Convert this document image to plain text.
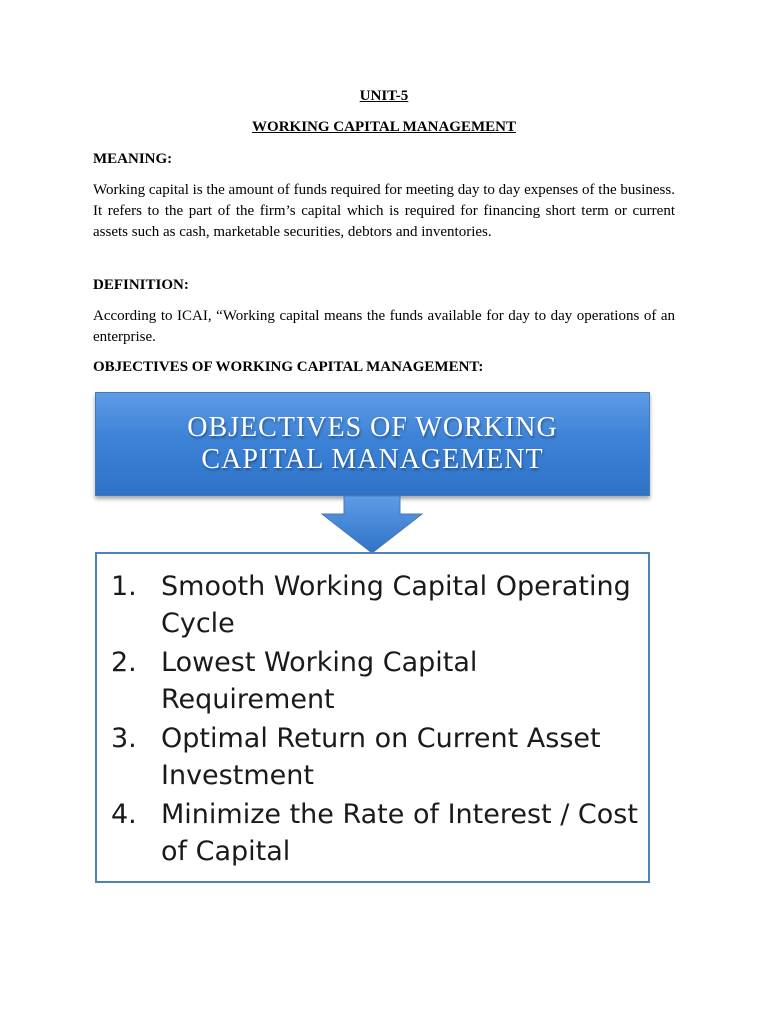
UNIT-5
WORKING CAPITAL MANAGEMENT
MEANING:
Working capital is the amount of funds required for meeting day to day expenses of the business. It refers to the part of the firm’s capital which is required for financing short term or current assets such as cash, marketable securities, debtors and inventories.
DEFINITION:
According to ICAI, “Working capital means the funds available for day to day operations of an enterprise.
OBJECTIVES OF WORKING CAPITAL MANAGEMENT:
OBJECTIVES OF WORKING
CAPITAL MANAGEMENT
1. Smooth Working Capital Operating Cycle
2. Lowest Working Capital Requirement
3. Optimal Return on Current Asset Investment
4. Minimize the Rate of Interest / Cost of Capital
